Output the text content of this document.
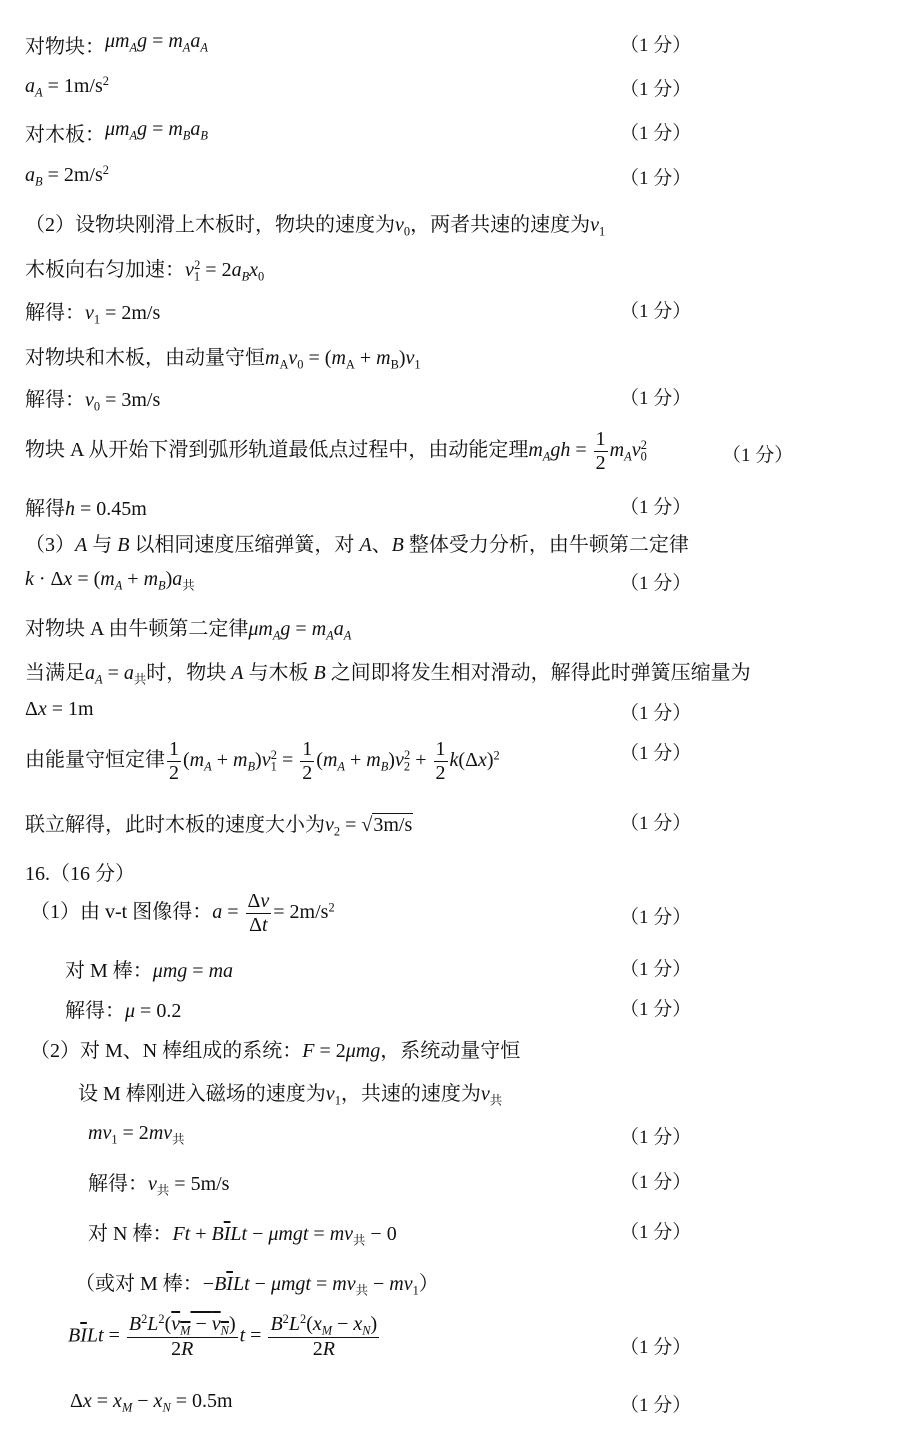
对物块： $\mu m_Ag = m_Aa_A$	（1 分）
$a_A = 1m/s^2$	（1 分）
对木板： $\mu m_Ag = m_Ba_B$	（1 分）
$a_B = 2m/s^2$	（1 分）
（2）设物块刚滑上木板时，物块的速度为$v_0$，两者共速的速度为$v_1$
木板向右匀加速：$v_1^2 = 2a_Bx_0$
解得：$v_1 = 2m/s$	（1 分）
对物块和木板，由动量守恒$m_Av_0 = (m_A + m_B)v_1$
解得：$v_0 = 3m/s$	（1 分）
物块 A 从开始下滑到弧形轨道最低点过程中，由动能定理$m_Agh = \frac{1}{2} m_Av_0^2$	（1 分）
解得h = 0.45m	（1 分）
（3）A 与 B 以相同速度压缩弹簧，对 A、B 整体受力分析，由牛顿第二定律
$k \cdot \Delta x = (m_A + m_B)a_共$	（1 分）
对物块 A 由牛顿第二定律$\mu m_Ag = m_Aa_A$
当满足$a_A = a_共$时，物块 A 与木板 B 之间即将发生相对滑动，解得此时弹簧压缩量为
Δx = 1m	（1 分）
由能量守恒定律 $\frac{1}{2} (m_A + m_B)v_1^2 = \frac{1}{2} (m_A + m_B)v_2^2 + \frac{1}{2} k(\Delta x)^2$	（1 分）
联立解得，此时木板的速度大小为$v_2 = √3m/s$	（1 分）
16.（16 分）
（1）由 v-t 图像得：$a = \frac{\Delta v}{\Delta t} = 2m/s^2$	（1 分）
对 M 棒：μmg = ma	（1 分）
解得：μ = 0.2	（1 分）
（2）对 M、N 棒组成的系统：F = 2μmg，系统动量守恒
设 M 棒刚进入磁场的速度为$v_1$，共速的速度为$v_共$
$mv_1 = 2mv_共$	（1 分）
解得：$v_共 = 5m/s$	（1 分）
对 N 棒：$Ft + B\overline{I}Lt - \mu mgt = mv_共 - 0$	（1 分）
（或对 M 棒：$-B\overline{I}Lt - \mu mgt = mv_共 - mv_1$）
$B\overline{I}Lt = \frac{B^2L^2(v_M - v_N)}{2R}$ $t = \frac{B^2L^2(x_M - x_N)}{2R}$	（1 分）
$\Delta x = x_M - x_N = 0.5m$	（1 分）
